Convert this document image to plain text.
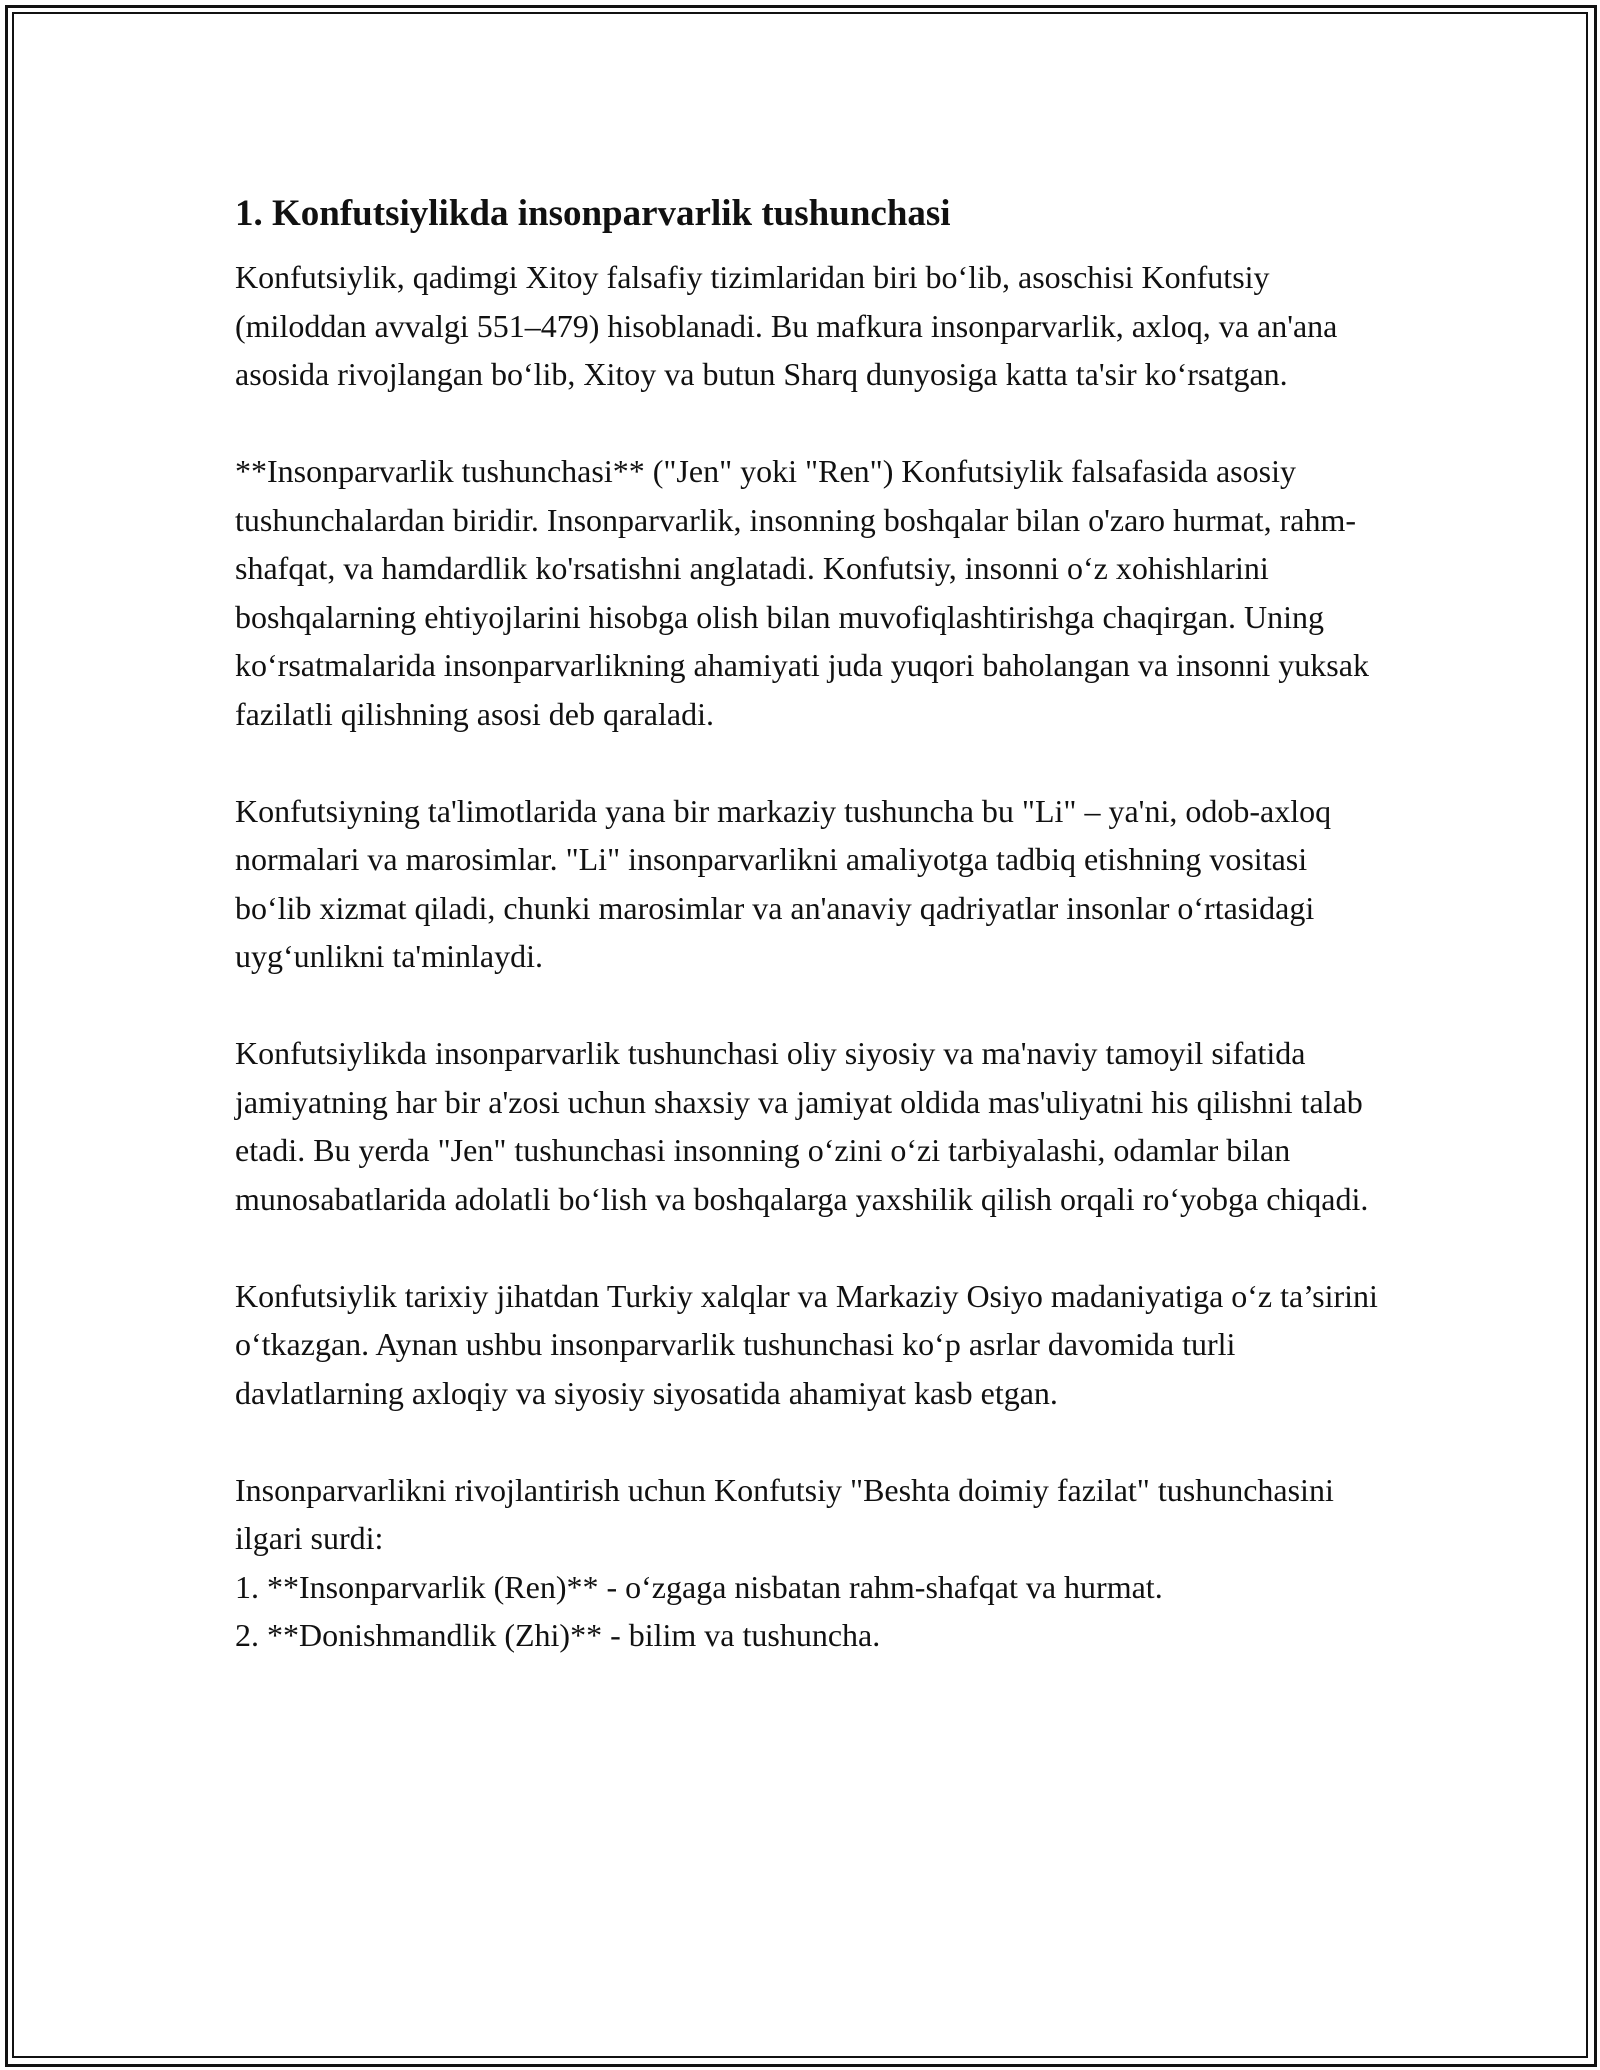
1. Konfutsiylikda insonparvarlik tushunchasi

Konfutsiylik, qadimgi Xitoy falsafiy tizimlaridan biri bo‘lib, asoschisi Konfutsiy (miloddan avvalgi 551–479) hisoblanadi. Bu mafkura insonparvarlik, axloq, va an'ana asosida rivojlangan bo‘lib, Xitoy va butun Sharq dunyosiga katta ta'sir ko‘rsatgan.

**Insonparvarlik tushunchasi** ("Jen" yoki "Ren") Konfutsiylik falsafasida asosiy tushunchalardan biridir. Insonparvarlik, insonning boshqalar bilan o'zaro hurmat, rahm-shafqat, va hamdardlik ko'rsatishni anglatadi. Konfutsiy, insonni o‘z xohishlarini boshqalarning ehtiyojlarini hisobga olish bilan muvofiqlashtirishga chaqirgan. Uning ko‘rsatmalarida insonparvarlikning ahamiyati juda yuqori baholangan va insonni yuksak fazilatli qilishning asosi deb qaraladi.

Konfutsiyning ta'limotlarida yana bir markaziy tushuncha bu "Li" – ya'ni, odob-axloq normalari va marosimlar. "Li" insonparvarlikni amaliyotga tadbiq etishning vositasi bo‘lib xizmat qiladi, chunki marosimlar va an'anaviy qadriyatlar insonlar o‘rtasidagi uyg‘unlikni ta'minlaydi.

Konfutsiylikda insonparvarlik tushunchasi oliy siyosiy va ma'naviy tamoyil sifatida jamiyatning har bir a'zosi uchun shaxsiy va jamiyat oldida mas'uliyatni his qilishni talab etadi. Bu yerda "Jen" tushunchasi insonning o‘zini o‘zi tarbiyalashi, odamlar bilan munosabatlarida adolatli bo‘lish va boshqalarga yaxshilik qilish orqali ro‘yobga chiqadi.

Konfutsiylik tarixiy jihatdan Turkiy xalqlar va Markaziy Osiyo madaniyatiga o‘z ta’sirini o‘tkazgan. Aynan ushbu insonparvarlik tushunchasi ko‘p asrlar davomida turli davlatlarning axloqiy va siyosiy siyosatida ahamiyat kasb etgan.

Insonparvarlikni rivojlantirish uchun Konfutsiy "Beshta doimiy fazilat" tushunchasini ilgari surdi:

1. **Insonparvarlik (Ren)** - o‘zgaga nisbatan rahm-shafqat va hurmat.

2. **Donishmandlik (Zhi)** - bilim va tushuncha.
